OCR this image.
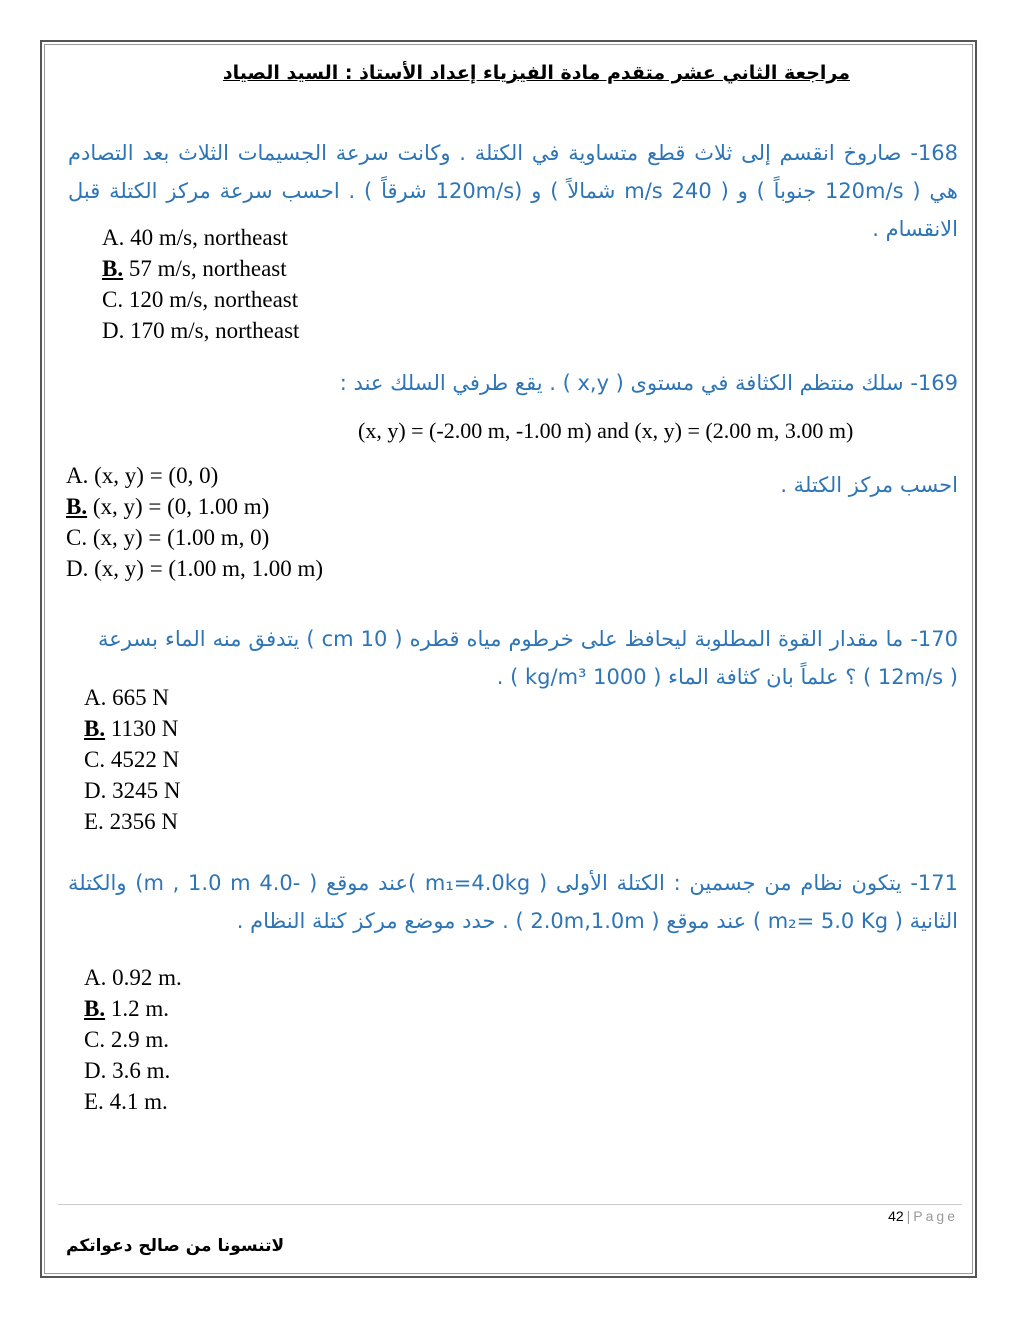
مراجعة الثاني عشر متقدم مادة الفيزياء إعداد الأستاذ : السيد الصياد
168- صاروخ انقسم إلى ثلاث قطع متساوية في الكتلة . وكانت سرعة الجسيمات الثلاث بعد التصادم هي ( 120m/s جنوباً ) و ( 240 m/s شمالاً ) و (120m/s شرقاً ) . احسب سرعة مركز الكتلة قبل الانقسام .
A. 40 m/s, northeast
B. 57 m/s, northeast
C. 120 m/s, northeast
D. 170 m/s, northeast
169- سلك منتظم الكثافة في مستوى ( x,y ) . يقع طرفي السلك عند :
(x, y) = (-2.00 m, -1.00 m) and (x, y) = (2.00 m, 3.00 m)
احسب مركز الكتلة .
A. (x, y) = (0, 0)
B. (x, y) = (0, 1.00 m)
C. (x, y) = (1.00 m, 0)
D. (x, y) = (1.00 m, 1.00 m)
170- ما مقدار القوة المطلوبة ليحافظ على خرطوم مياه قطره ( 10 cm ) يتدفق منه الماء بسرعة ( 12m/s ) ؟ علماً بان كثافة الماء ( 1000 kg/m³ ) .
A. 665 N
B. 1130 N
C. 4522 N
D. 3245 N
E. 2356 N
171- يتكون نظام من جسمين : الكتلة الأولى ( m₁=4.0kg )عند موقع ( -4.0 m , 1.0 m) والكتلة الثانية ( m₂= 5.0 Kg ) عند موقع ( 2.0m,1.0m ) . حدد موضع مركز كتلة النظام .
A. 0.92 m.
B. 1.2 m.
C. 2.9 m.
D. 3.6 m.
E. 4.1 m.
42 | Page
لاتنسونا من صالح دعواتكم
